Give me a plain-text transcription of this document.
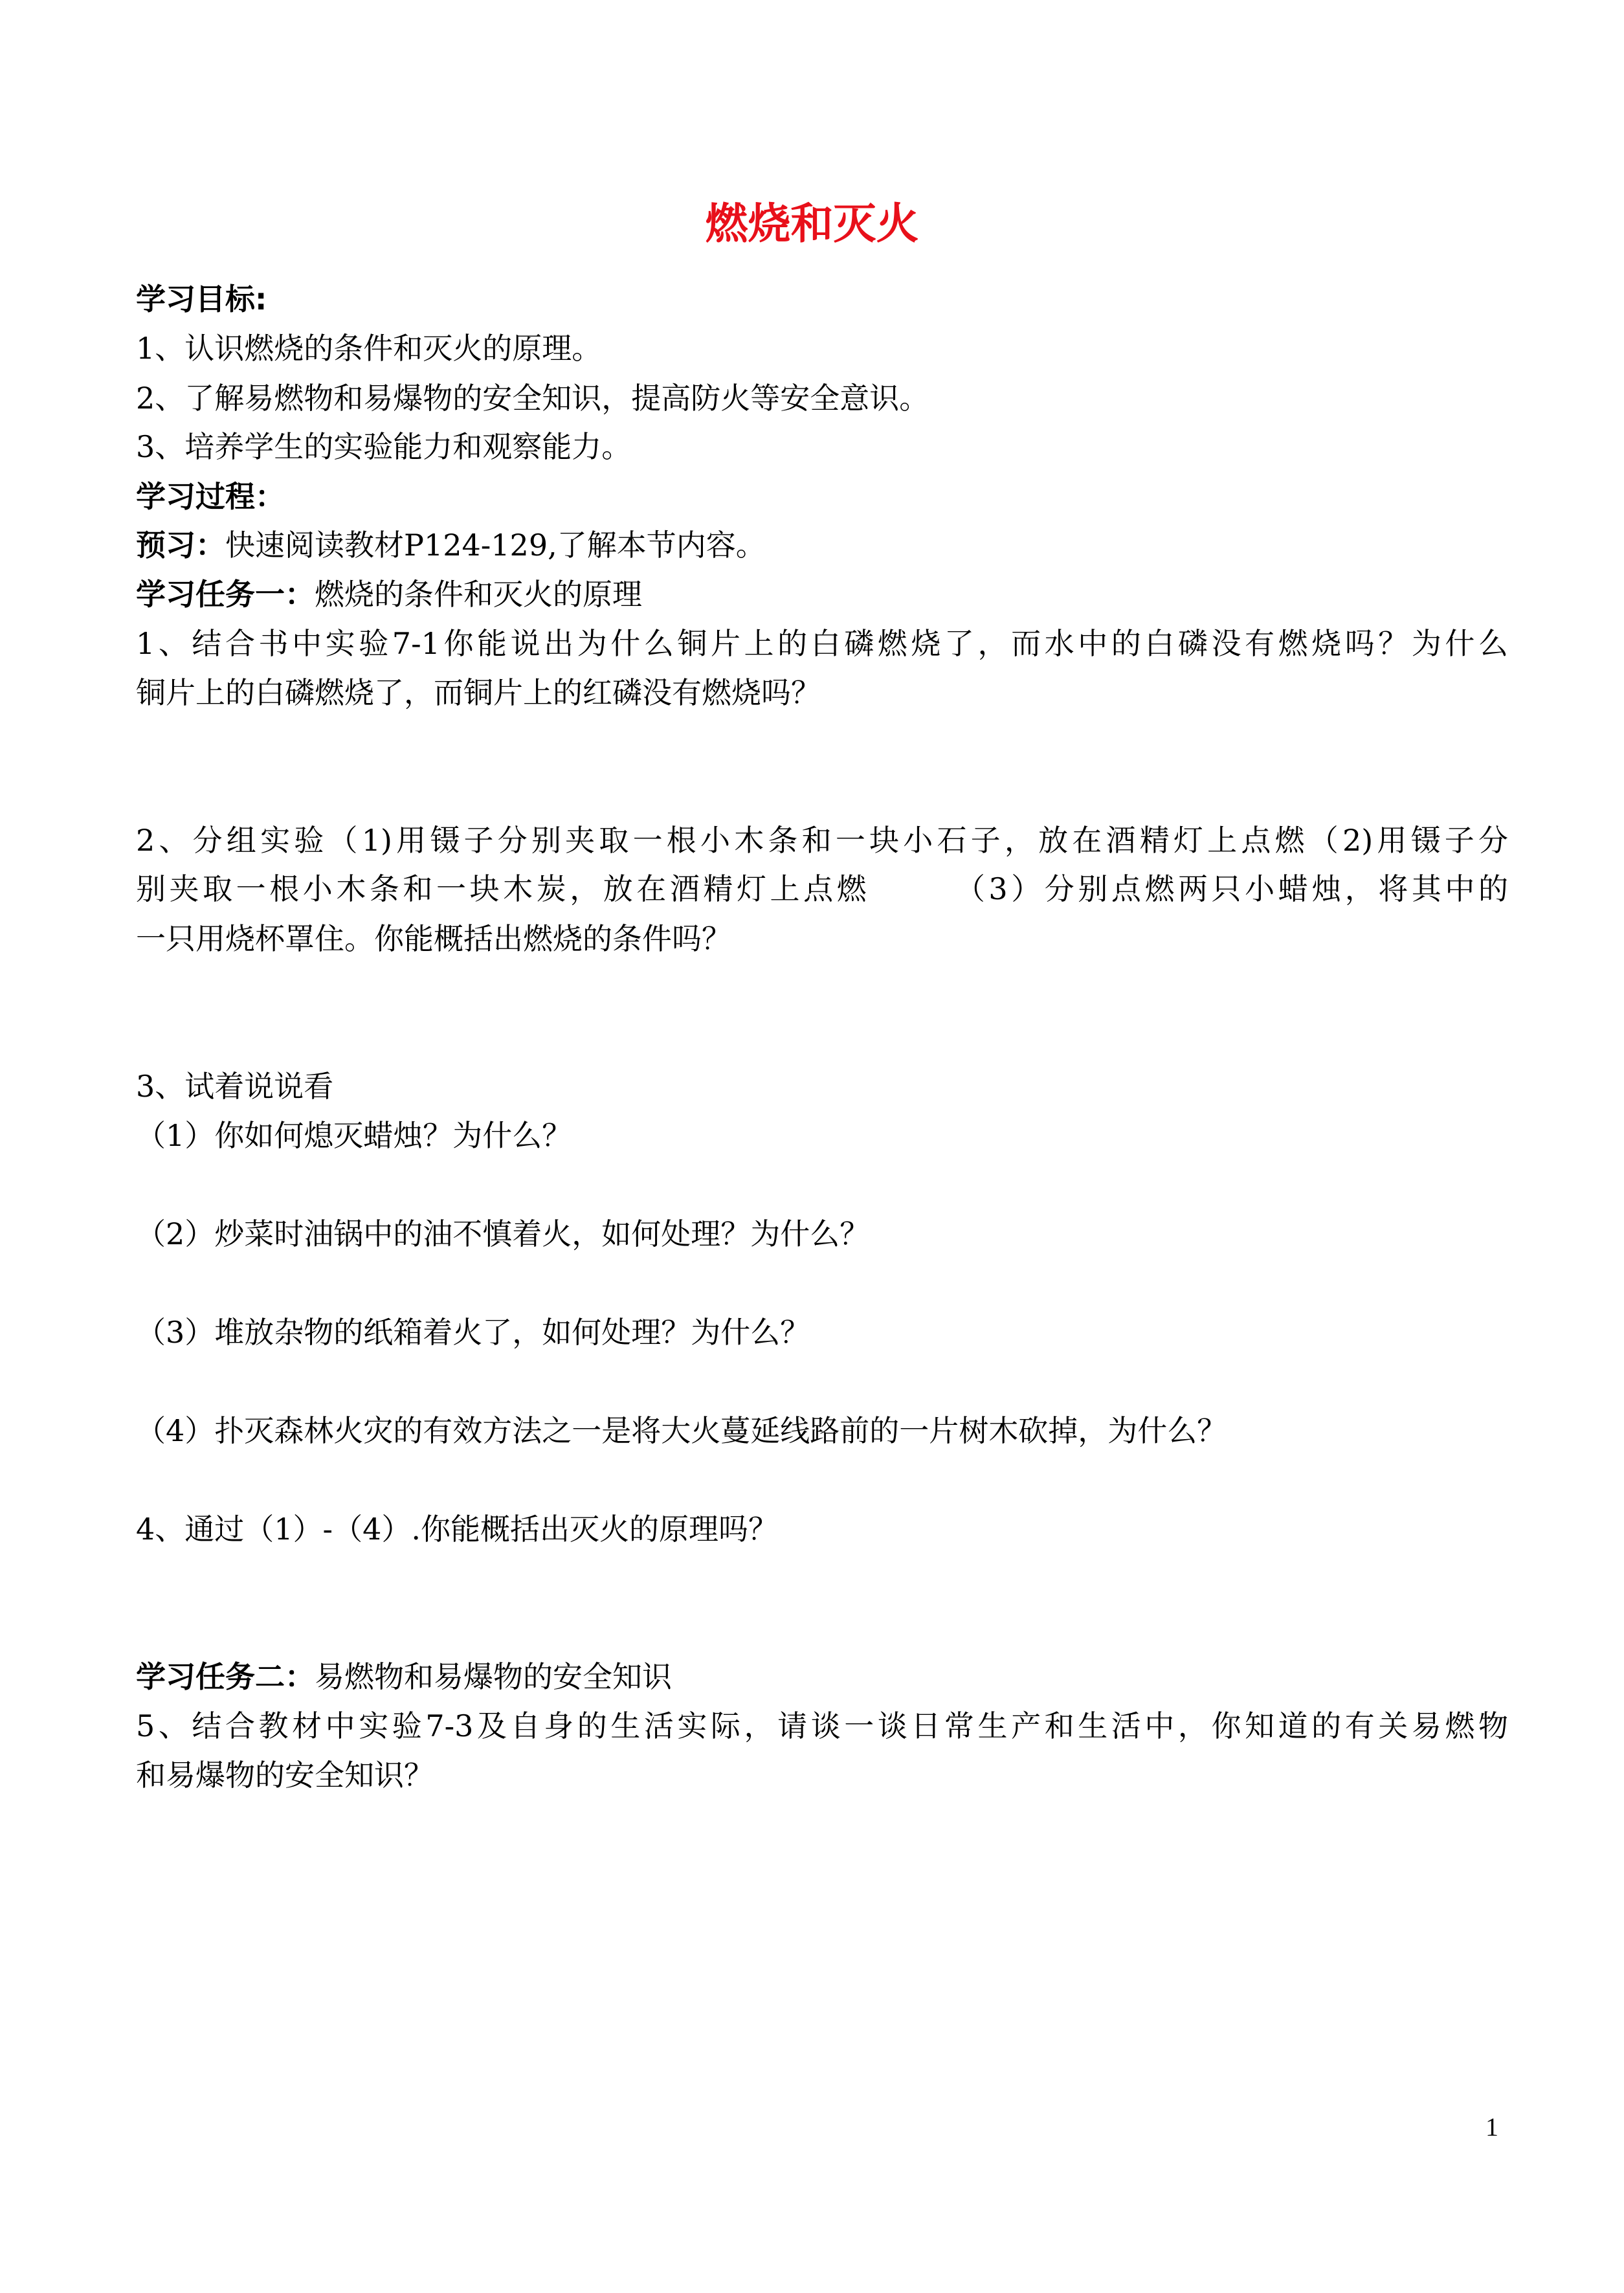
燃烧和灭火
学习目标:
1、认识燃烧的条件和灭火的原理。
2、了解易燃物和易爆物的安全知识，提高防火等安全意识。
3、培养学生的实验能力和观察能力。
学习过程：
预习：快速阅读教材P124-129,了解本节内容。
学习任务一：燃烧的条件和灭火的原理
1、结合书中实验7-1你能说出为什么铜片上的白磷燃烧了，而水中的白磷没有燃烧吗？为什么
铜片上的白磷燃烧了，而铜片上的红磷没有燃烧吗？
2、分组实验（1)用镊子分别夹取一根小木条和一块小石子，放在酒精灯上点燃（2)用镊子分
别夹取一根小木条和一块木炭，放在酒精灯上点燃　　　（3）分别点燃两只小蜡烛，将其中的
一只用烧杯罩住。你能概括出燃烧的条件吗？
3、试着说说看
（1）你如何熄灭蜡烛？为什么？
（2）炒菜时油锅中的油不慎着火，如何处理？为什么？
（3）堆放杂物的纸箱着火了，如何处理？为什么？
（4）扑灭森林火灾的有效方法之一是将大火蔓延线路前的一片树木砍掉，为什么？
4、通过（1）-（4）.你能概括出灭火的原理吗？
学习任务二：易燃物和易爆物的安全知识
5、结合教材中实验7-3及自身的生活实际，请谈一谈日常生产和生活中，你知道的有关易燃物
和易爆物的安全知识？
1
